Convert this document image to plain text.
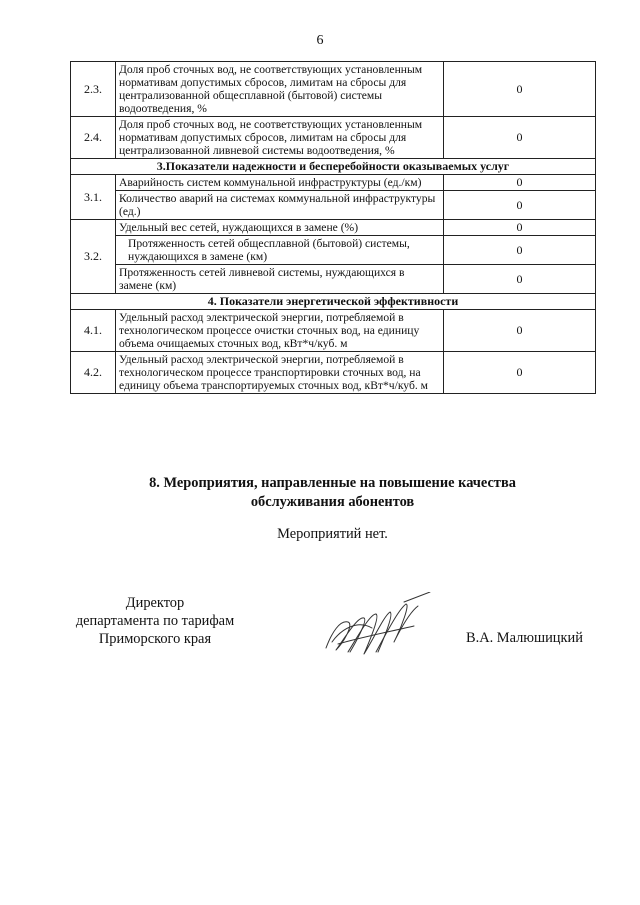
6
2.3.	Доля проб сточных вод, не соответствующих установленным нормативам допустимых сбросов, лимитам на сбросы для централизованной общесплавной (бытовой) системы водоотведения, %	0
2.4.	Доля проб сточных вод, не соответствующих установленным нормативам допустимых сбросов, лимитам на сбросы для централизованной ливневой системы водоотведения, %	0
3.Показатели надежности и бесперебойности оказываемых услуг		
3.1.	Аварийность систем коммунальной инфраструктуры (ед./км)	0
	Количество аварий на системах коммунальной инфраструктуры (ед.)	0
3.2.	Удельный вес сетей, нуждающихся в замене (%)	0
	Протяженность сетей общесплавной (бытовой) системы, нуждающихся в замене (км)	0
	Протяженность сетей ливневой системы, нуждающихся в замене (км)	0
4. Показатели энергетической эффективности		
4.1.	Удельный расход электрической энергии, потребляемой в технологическом процессе очистки сточных вод, на единицу объема очищаемых сточных вод, кВт*ч/куб. м	0
4.2.	Удельный расход электрической энергии, потребляемой в технологическом процессе транспортировки сточных вод, на единицу объема транспортируемых сточных вод, кВт*ч/куб. м	0
8. Мероприятия, направленные на повышение качества
обслуживания абонентов
Мероприятий нет.
Директор
департамента по тарифам
Приморского края	В.А. Малюшицкий
